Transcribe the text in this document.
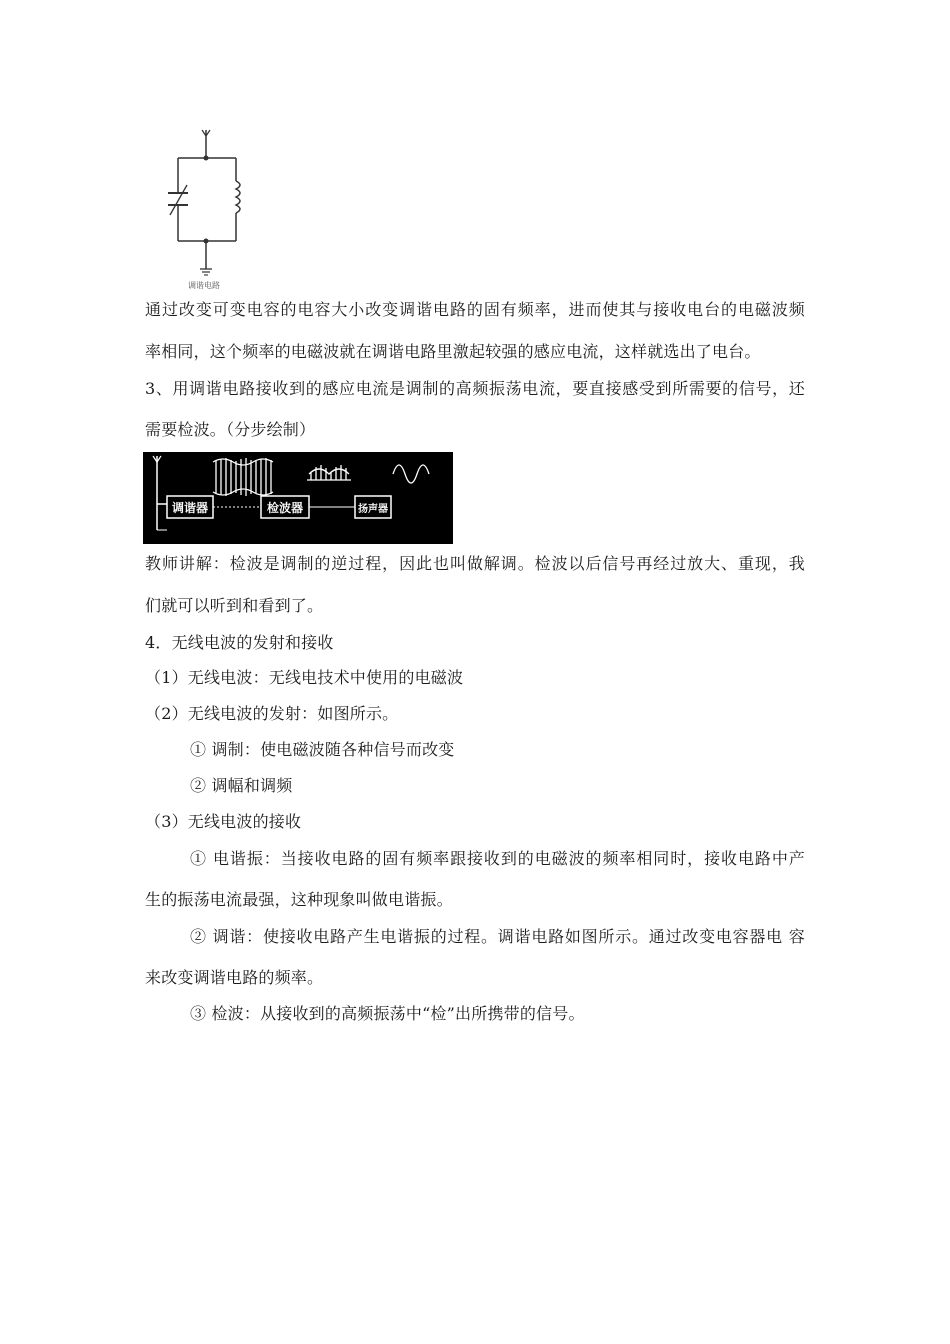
调谐电路
通过改变可变电容的电容大小改变调谐电路的固有频率，进而使其与接收电台的电磁波频
率相同，这个频率的电磁波就在调谐电路里激起较强的感应电流，这样就选出了电台。
3、用调谐电路接收到的感应电流是调制的高频振荡电流，要直接感受到所需要的信号，还
需要检波。（分步绘制）
调谐器	检波器	扬声器
教师讲解：检波是调制的逆过程，因此也叫做解调。检波以后信号再经过放大、重现，我
们就可以听到和看到了。
4．无线电波的发射和接收
（1）无线电波：无线电技术中使用的电磁波
（2）无线电波的发射：如图所示。
① 调制：使电磁波随各种信号而改变
② 调幅和调频
（3）无线电波的接收
① 电谐振：当接收电路的固有频率跟接收到的电磁波的频率相同时，接收电路中产
生的振荡电流最强，这种现象叫做电谐振。
② 调谐：使接收电路产生电谐振的过程。调谐电路如图所示。通过改变电容器电 容
来改变调谐电路的频率。
③ 检波：从接收到的高频振荡中“检”出所携带的信号。
